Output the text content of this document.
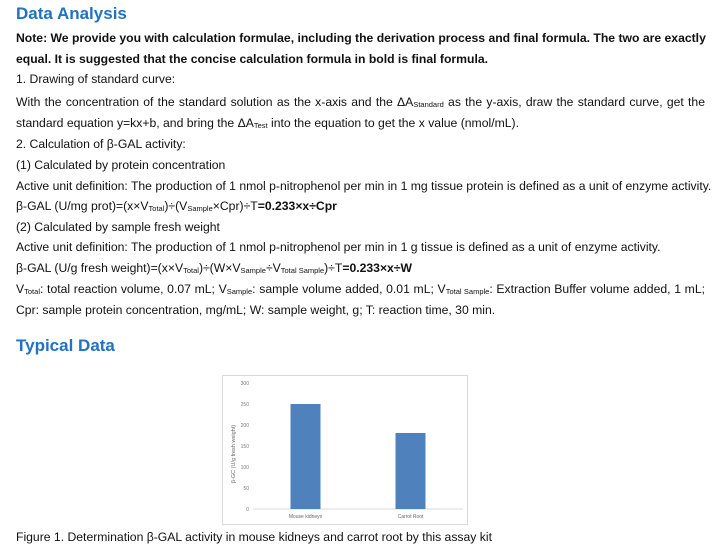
Data Analysis
Note: We provide you with calculation formulae, including the derivation process and final formula. The two are exactly
equal. It is suggested that the concise calculation formula in bold is final formula.
1. Drawing of standard curve:
With the concentration of the standard solution as the x-axis and the $\Delta A_{Standard}$ as the y-axis, draw the standard curve, get the
standard equation y=kx+b, and bring the $\Delta A_{Test}$ into the equation to get the x value (nmol/mL).
2. Calculation of β-GAL activity:
(1) Calculated by protein concentration
Active unit definition: The production of 1 nmol p-nitrophenol per min in 1 mg tissue protein is defined as a unit of enzyme activity.
β-GAL (U/mg $prot)=(x\times V_{Total})\div(V_{Sample}\times Cpr)\div T=0.233\times x\div Cpr$
(2) Calculated by sample fresh weight
Active unit definition: The production of 1 nmol p-nitrophenol per min in 1 g tissue is defined as a unit of enzyme activity.
β-GAL (U/g fresh $weight)=(x\times V_{Total})\div(W\times V_{Sample}\div V_{Total Sample})\div T=0.233\times x\div W$
$V_{Total}$: total reaction volume, 0.07 mL; $V_{Sample}$: sample volume added, 0.01 mL; $V_{Total Sample}$: Extraction Buffer volume added, 1 mL;
Cpr: sample protein concentration, mg/mL; W: sample weight, g; T: reaction time, 30 min.
Typical Data
0
50
100
150
200
250
300
Mouse kidneys	Carrot Root
β-GC (U/g fresh weight)
Figure 1. Determination β-GAL activity in mouse kidneys and carrot root by this assay kit
